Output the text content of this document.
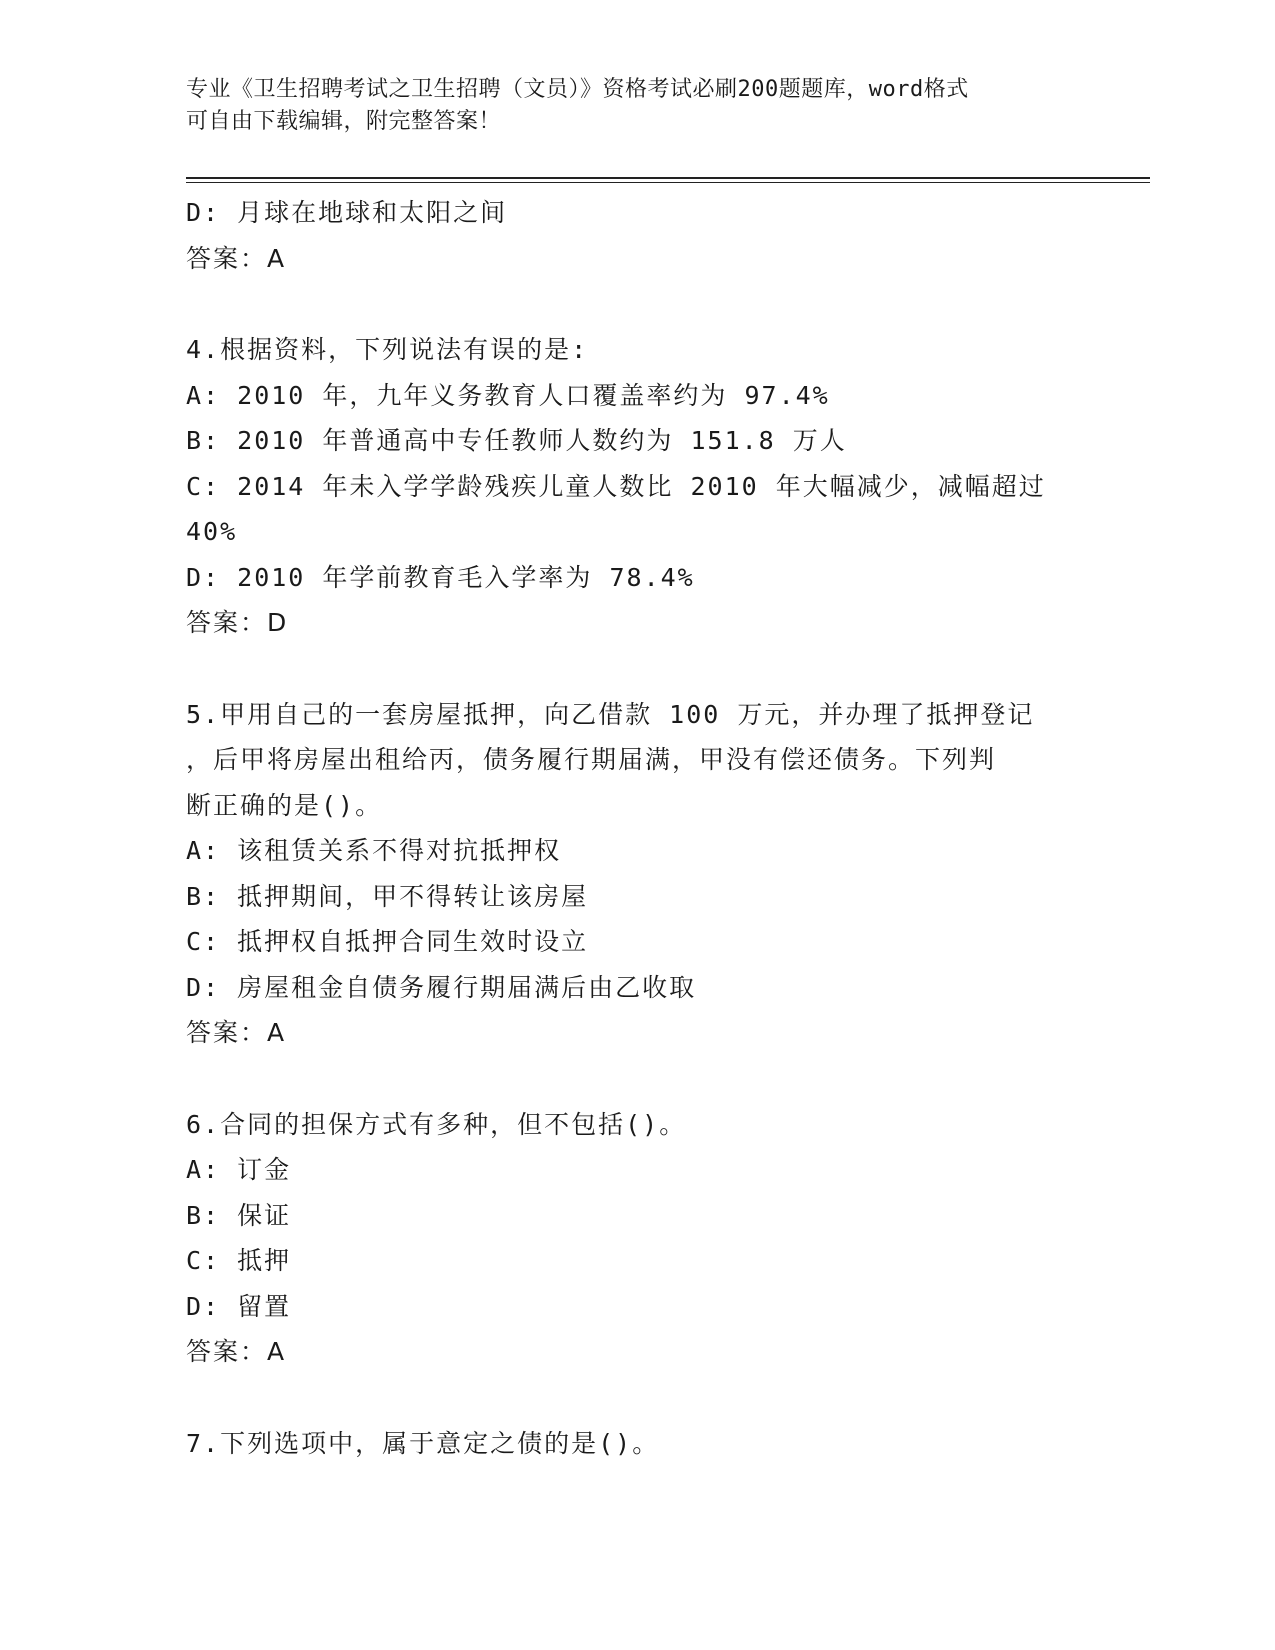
专业《卫生招聘考试之卫生招聘（文员）》资格考试必刷200题题库，word格式
可自由下载编辑，附完整答案！
D: 月球在地球和太阳之间
答案：A
4.根据资料，下列说法有误的是:
A: 2010 年，九年义务教育人口覆盖率约为 97.4%
B: 2010 年普通高中专任教师人数约为 151.8 万人
C: 2014 年未入学学龄残疾儿童人数比 2010 年大幅减少，减幅超过
40%
D: 2010 年学前教育毛入学率为 78.4%
答案：D
5.甲用自己的一套房屋抵押，向乙借款 100 万元，并办理了抵押登记
，后甲将房屋出租给丙，债务履行期届满，甲没有偿还债务。下列判
断正确的是()。
A: 该租赁关系不得对抗抵押权
B: 抵押期间，甲不得转让该房屋
C: 抵押权自抵押合同生效时设立
D: 房屋租金自债务履行期届满后由乙收取
答案：A
6.合同的担保方式有多种，但不包括()。
A: 订金
B: 保证
C: 抵押
D: 留置
答案：A
7.下列选项中，属于意定之债的是()。
